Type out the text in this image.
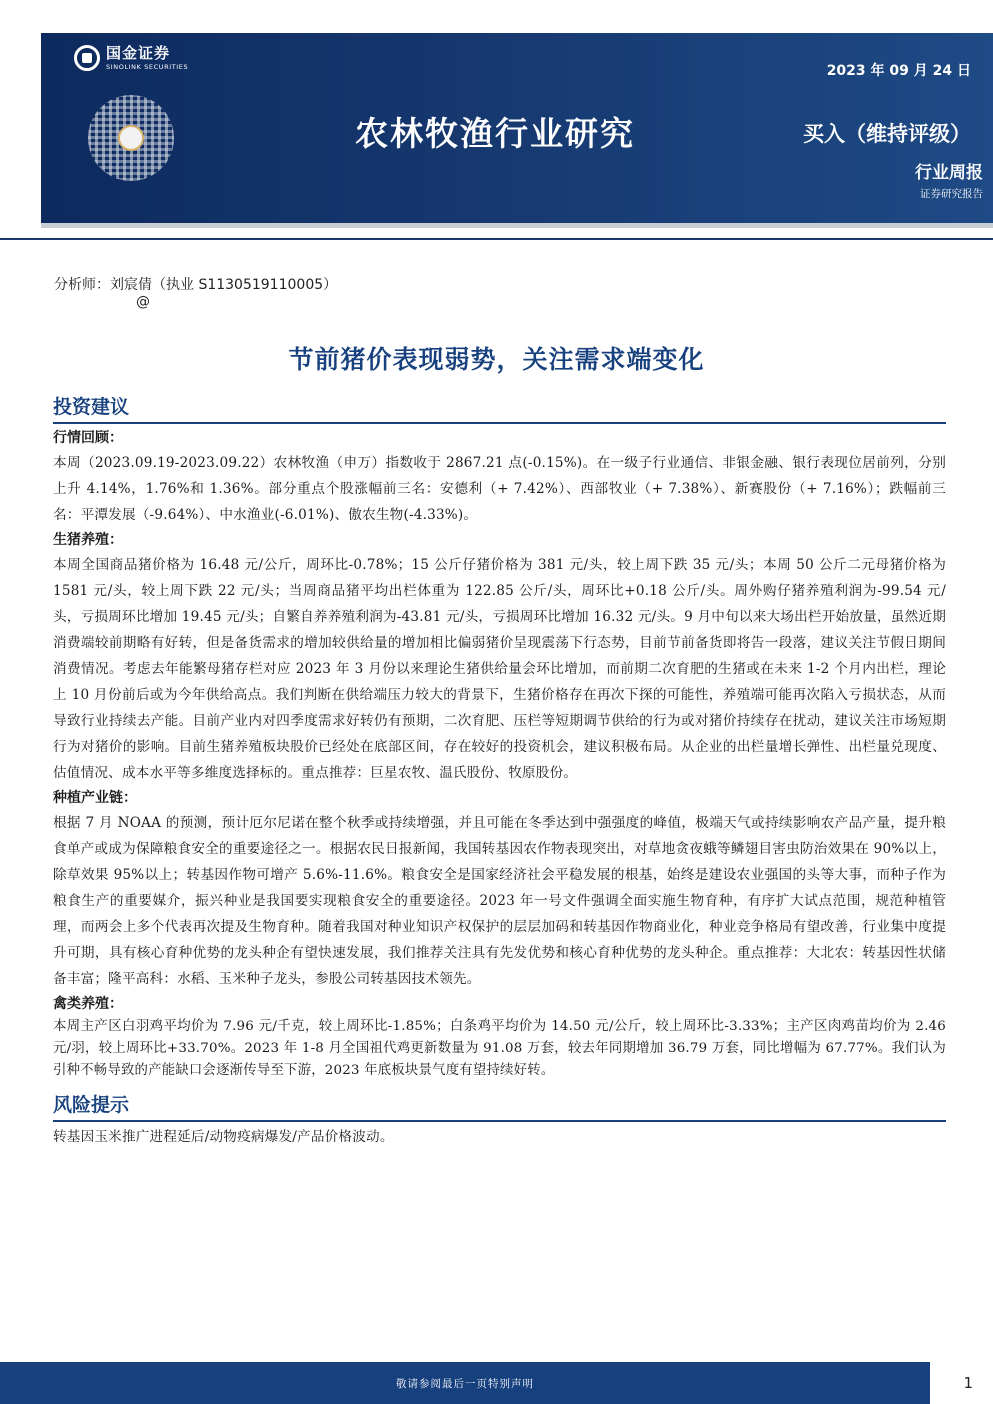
国金证券
SINOLINK SECURITIES
农林牧渔行业研究
2023 年 09 月 24 日
买入（维持评级）
行业周报
证券研究报告
分析师：刘宸倩（执业 S1130519110005）
@
节前猪价表现弱势，关注需求端变化
投资建议
行情回顾：

本周（2023.09.19-2023.09.22）农林牧渔（申万）指数收于 2867.21 点(-0.15%)。在一级子行业通信、非银金融、银行表现位居前列，分别上升 4.14%，1.76%和 1.36%。部分重点个股涨幅前三名：安德利（+ 7.42%）、西部牧业（+ 7.38%）、新赛股份（+ 7.16%）；跌幅前三名：平潭发展（-9.64%）、中水渔业(-6.01%)、傲农生物(-4.33%)。

生猪养殖：

本周全国商品猪价格为 16.48 元/公斤，周环比-0.78%；15 公斤仔猪价格为 381 元/头，较上周下跌 35 元/头；本周 50 公斤二元母猪价格为 1581 元/头，较上周下跌 22 元/头；当周商品猪平均出栏体重为 122.85 公斤/头，周环比+0.18 公斤/头。周外购仔猪养殖利润为-99.54 元/头，亏损周环比增加 19.45 元/头；自繁自养养殖利润为-43.81 元/头，亏损周环比增加 16.32 元/头。9 月中旬以来大场出栏开始放量，虽然近期消费端较前期略有好转，但是备货需求的增加较供给量的增加相比偏弱猪价呈现震荡下行态势，目前节前备货即将告一段落，建议关注节假日期间消费情况。考虑去年能繁母猪存栏对应 2023 年 3 月份以来理论生猪供给量会环比增加，而前期二次育肥的生猪或在未来 1-2 个月内出栏，理论上 10 月份前后或为今年供给高点。我们判断在供给端压力较大的背景下，生猪价格存在再次下探的可能性，养殖端可能再次陷入亏损状态，从而导致行业持续去产能。目前产业内对四季度需求好转仍有预期，二次育肥、压栏等短期调节供给的行为或对猪价持续存在扰动，建议关注市场短期行为对猪价的影响。目前生猪养殖板块股价已经处在底部区间，存在较好的投资机会，建议积极布局。从企业的出栏量增长弹性、出栏量兑现度、估值情况、成本水平等多维度选择标的。重点推荐：巨星农牧、温氏股份、牧原股份。

种植产业链：

根据 7 月 NOAA 的预测，预计厄尔尼诺在整个秋季或持续增强，并且可能在冬季达到中强强度的峰值，极端天气或持续影响农产品产量，提升粮食单产或成为保障粮食安全的重要途径之一。根据农民日报新闻，我国转基因农作物表现突出，对草地贪夜蛾等鳞翅目害虫防治效果在 90%以上，除草效果 95%以上；转基因作物可增产 5.6%-11.6%。粮食安全是国家经济社会平稳发展的根基，始终是建设农业强国的头等大事，而种子作为粮食生产的重要媒介，振兴种业是我国要实现粮食安全的重要途径。2023 年一号文件强调全面实施生物育种，有序扩大试点范围，规范种植管理，而两会上多个代表再次提及生物育种。随着我国对种业知识产权保护的层层加码和转基因作物商业化，种业竞争格局有望改善，行业集中度提升可期，具有核心育种优势的龙头种企有望快速发展，我们推荐关注具有先发优势和核心育种优势的龙头种企。重点推荐：大北农：转基因性状储备丰富；隆平高科：水稻、玉米种子龙头，参股公司转基因技术领先。

禽类养殖：

本周主产区白羽鸡平均价为 7.96 元/千克，较上周环比-1.85%；白条鸡平均价为 14.50 元/公斤，较上周环比-3.33%；主产区肉鸡苗均价为 2.46 元/羽，较上周环比+33.70%。2023 年 1-8 月全国祖代鸡更新数量为 91.08 万套，较去年同期增加 36.79 万套，同比增幅为 67.77%。我们认为引种不畅导致的产能缺口会逐渐传导至下游，2023 年底板块景气度有望持续好转。

风险提示

转基因玉米推广进程延后/动物疫病爆发/产品价格波动。

敬请参阅最后一页特别声明	1
